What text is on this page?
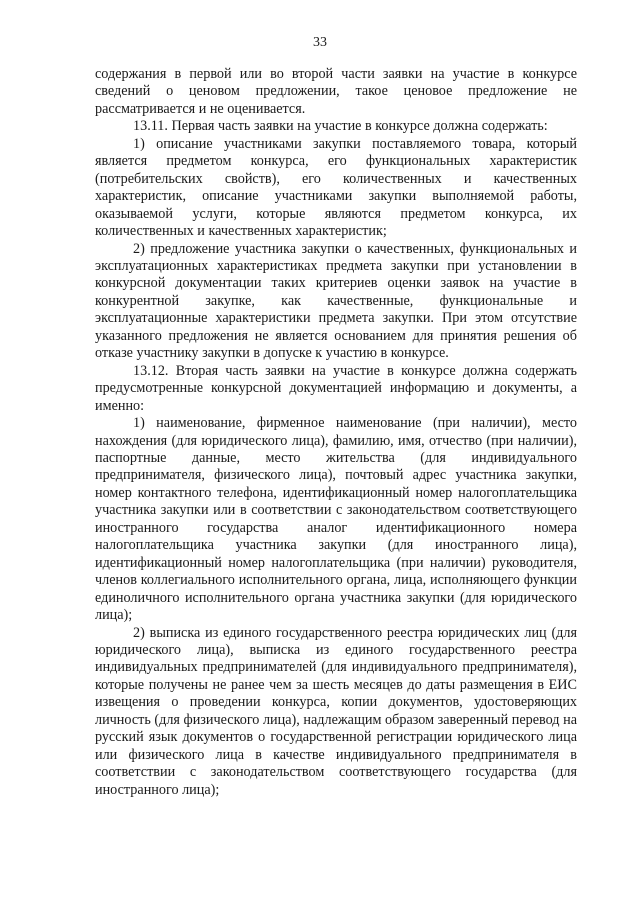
33

содержания в первой или во второй части заявки на участие в конкурсе сведений о ценовом предложении, такое ценовое предложение не рассматривается и не оценивается.

13.11. Первая часть заявки на участие в конкурсе должна содержать:

1) описание участниками закупки поставляемого товара, который является предметом конкурса, его функциональных характеристик (потребительских свойств), его количественных и качественных характеристик, описание участниками закупки выполняемой работы, оказываемой услуги, которые являются предметом конкурса, их количественных и качественных характеристик;

2) предложение участника закупки о качественных, функциональных и эксплуатационных характеристиках предмета закупки при установлении в конкурсной документации таких критериев оценки заявок на участие в конкурентной закупке, как качественные, функциональные и эксплуатационные характеристики предмета закупки. При этом отсутствие указанного предложения не является основанием для принятия решения об отказе участнику закупки в допуске к участию в конкурсе.

13.12. Вторая часть заявки на участие в конкурсе должна содержать предусмотренные конкурсной документацией информацию и документы, а именно:

1) наименование, фирменное наименование (при наличии), место нахождения (для юридического лица), фамилию, имя, отчество (при наличии), паспортные данные, место жительства (для индивидуального предпринимателя, физического лица), почтовый адрес участника закупки, номер контактного телефона, идентификационный номер налогоплательщика участника закупки или в соответствии с законодательством соответствующего иностранного государства аналог идентификационного номера налогоплательщика участника закупки (для иностранного лица), идентификационный номер налогоплательщика (при наличии) руководителя, членов коллегиального исполнительного органа, лица, исполняющего функции единоличного исполнительного органа участника закупки (для юридического лица);

2) выписка из единого государственного реестра юридических лиц (для юридического лица), выписка из единого государственного реестра индивидуальных предпринимателей (для индивидуального предпринимателя), которые получены не ранее чем за шесть месяцев до даты размещения в ЕИС извещения о проведении конкурса, копии документов, удостоверяющих личность (для физического лица), надлежащим образом заверенный перевод на русский язык документов о государственной регистрации юридического лица или физического лица в качестве индивидуального предпринимателя в соответствии с законодательством соответствующего государства (для иностранного лица);
